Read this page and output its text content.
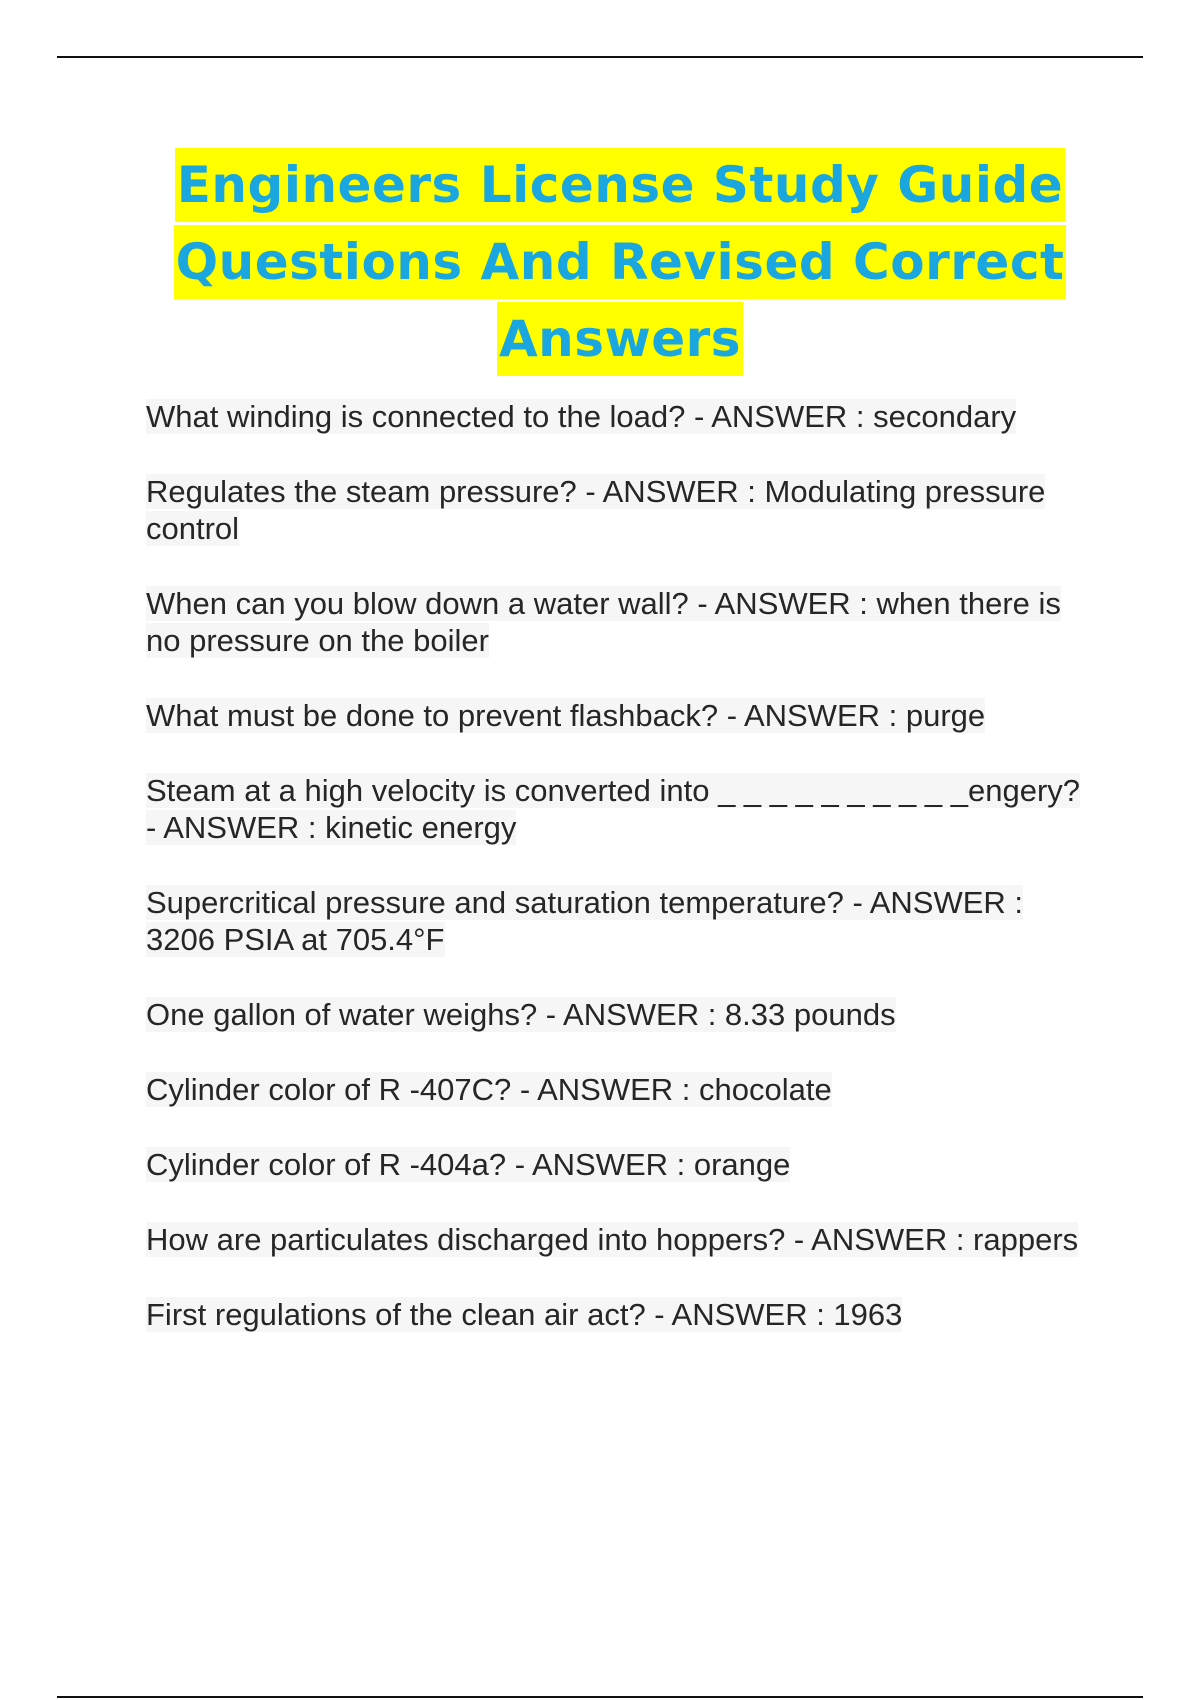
Engineers License Study Guide
Questions And Revised Correct
Answers
What winding is connected to the load? - ANSWER : secondary
Regulates the steam pressure? - ANSWER : Modulating pressure control
When can you blow down a water wall? - ANSWER : when there is no pressure on the boiler
What must be done to prevent flashback? - ANSWER : purge
Steam at a high velocity is converted into _ _ _ _ _ _ _ _ _ _engery? - ANSWER : kinetic energy
Supercritical pressure and saturation temperature? - ANSWER : 3206 PSIA at 705.4°F
One gallon of water weighs? - ANSWER : 8.33 pounds
Cylinder color of R -407C? - ANSWER : chocolate
Cylinder color of R -404a? - ANSWER : orange
How are particulates discharged into hoppers? - ANSWER : rappers
First regulations of the clean air act? - ANSWER : 1963
